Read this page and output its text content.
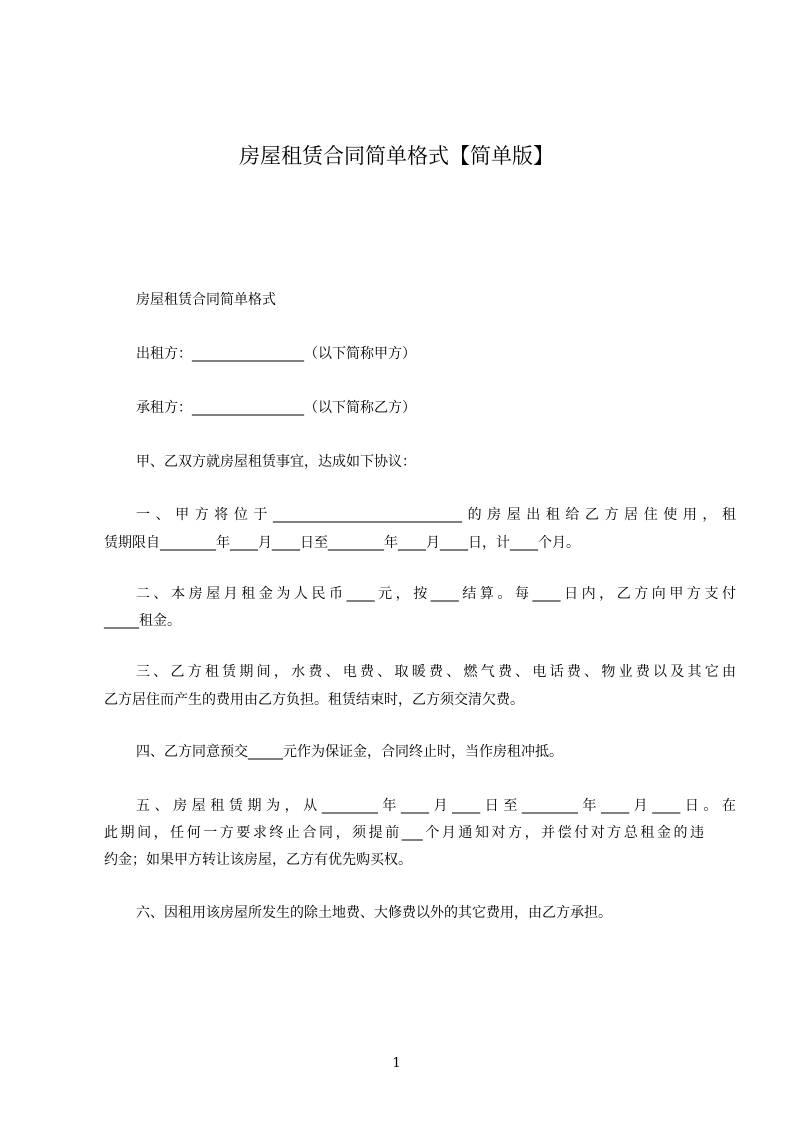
房屋租赁合同简单格式【简单版】
房屋租赁合同简单格式
出租方：________________（以下简称甲方）
承租方：________________（以下简称乙方）
甲、乙双方就房屋租赁事宜，达成如下协议：
一、甲方将位于___________________________的房屋出租给乙方居住使用，租
赁期限自________年____月____日至________年____月____日，计____个月。
二、本房屋月租金为人民币____元，按____结算。每____日内，乙方向甲方支付
_____租金。
三、乙方租赁期间，水费、电费、取暖费、燃气费、电话费、物业费以及其它由
乙方居住而产生的费用由乙方负担。租赁结束时，乙方须交清欠费。
四、乙方同意预交_____元作为保证金，合同终止时，当作房租冲抵。
五、房屋租赁期为，从________年____月____日至________年____月____日。在
此期间，任何一方要求终止合同，须提前___个月通知对方，并偿付对方总租金的违
约金；如果甲方转让该房屋，乙方有优先购买权。
六、因租用该房屋所发生的除土地费、大修费以外的其它费用，由乙方承担。
1
